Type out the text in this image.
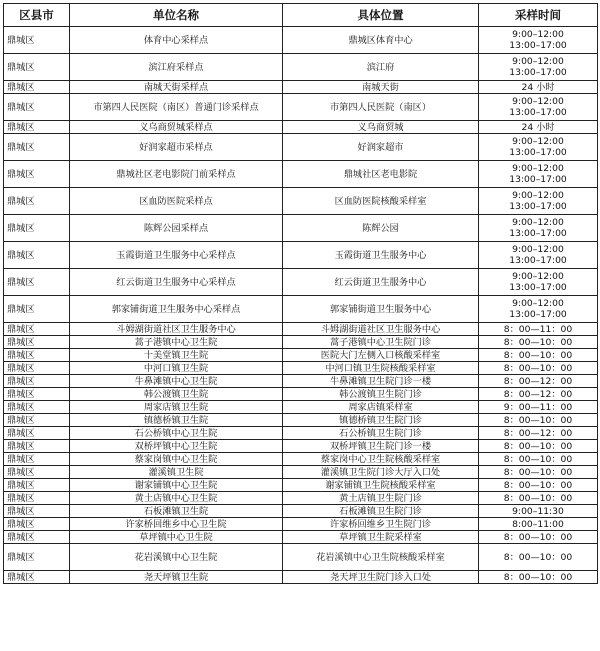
区县市	单位名称	具体位置	采样时间
鼎城区	体育中心采样点	鼎城区体育中心	9:00–12:00
13:00–17:00

鼎城区	滨江府采样点	滨江府	9:00–12:00
13:00–17:00

鼎城区	南城天街采样点	南城天街	24 小时

鼎城区	市第四人民医院（南区）普通门诊采样点	市第四人民医院（南区）	9:00–12:00
13:00–17:00

鼎城区	义乌商贸城采样点	义乌商贸城	24 小时

鼎城区	好润家超市采样点	好润家超市	9:00–12:00
13:00–17:00

鼎城区	鼎城社区老电影院门前采样点	鼎城社区老电影院	9:00–12:00
13:00–17:00

鼎城区	区血防医院采样点	区血防医院核酸采样室	9:00–12:00
13:00–17:00

鼎城区	陈辉公园采样点	陈辉公园	9:00–12:00
13:00–17:00

鼎城区	玉霞街道卫生服务中心采样点	玉霞街道卫生服务中心	9:00–12:00
13:00–17:00

鼎城区	红云街道卫生服务中心采样点	红云街道卫生服务中心	9:00–12:00
13:00–17:00

鼎城区	郭家铺街道卫生服务中心采样点	郭家铺街道卫生服务中心	9:00–12:00
13:00–17:00

鼎城区	斗姆湖街道社区卫生服务中心	斗姆湖街道社区卫生服务中心	8：00—11：00

鼎城区	蒿子港镇中心卫生院	蒿子港镇中心卫生院门诊	8：00—10：00

鼎城区	十美堂镇卫生院	医院大门左侧入口核酸采样室	8：00—10：00

鼎城区	中河口镇卫生院	中河口镇卫生院核酸采样室	8：00—10：00

鼎城区	牛鼻滩镇中心卫生院	牛鼻滩镇卫生院门诊一楼	8：00—12：00

鼎城区	韩公渡镇卫生院	韩公渡镇卫生院门诊	8：00—12：00

鼎城区	周家店镇卫生院	周家店镇采样室	9：00—11：00

鼎城区	镇德桥镇卫生院	镇德桥镇卫生院门诊	8：00—10：00

鼎城区	石公桥镇中心卫生院	石公桥镇卫生院门诊	8：00—12：00

鼎城区	双桥坪镇中心卫生院	双桥坪镇卫生院门诊一楼	8：00—10：00

鼎城区	蔡家岗镇中心卫生院	蔡家岗中心卫生院核酸采样室	8：00—10：00

鼎城区	灌溪镇卫生院	灌溪镇卫生院门诊大厅入口处	8：00—10：00

鼎城区	谢家铺镇中心卫生院	谢家铺镇卫生院核酸采样室	8：00—10：00

鼎城区	黄土店镇中心卫生院	黄土店镇卫生院门诊	8：00—10：00

鼎城区	石板滩镇卫生院	石板滩镇卫生院门诊	9:00–11:30

鼎城区	许家桥回维乡中心卫生院	许家桥回维乡卫生院门诊	8:00–11:00

鼎城区	草坪镇中心卫生院	草坪镇卫生院采样室	8：00—10：00

鼎城区	花岩溪镇中心卫生院	花岩溪镇中心卫生院核酸采样室	8：00—10：00

鼎城区	尧天坪镇卫生院	尧天坪卫生院门诊入口处	8：00—10：00
